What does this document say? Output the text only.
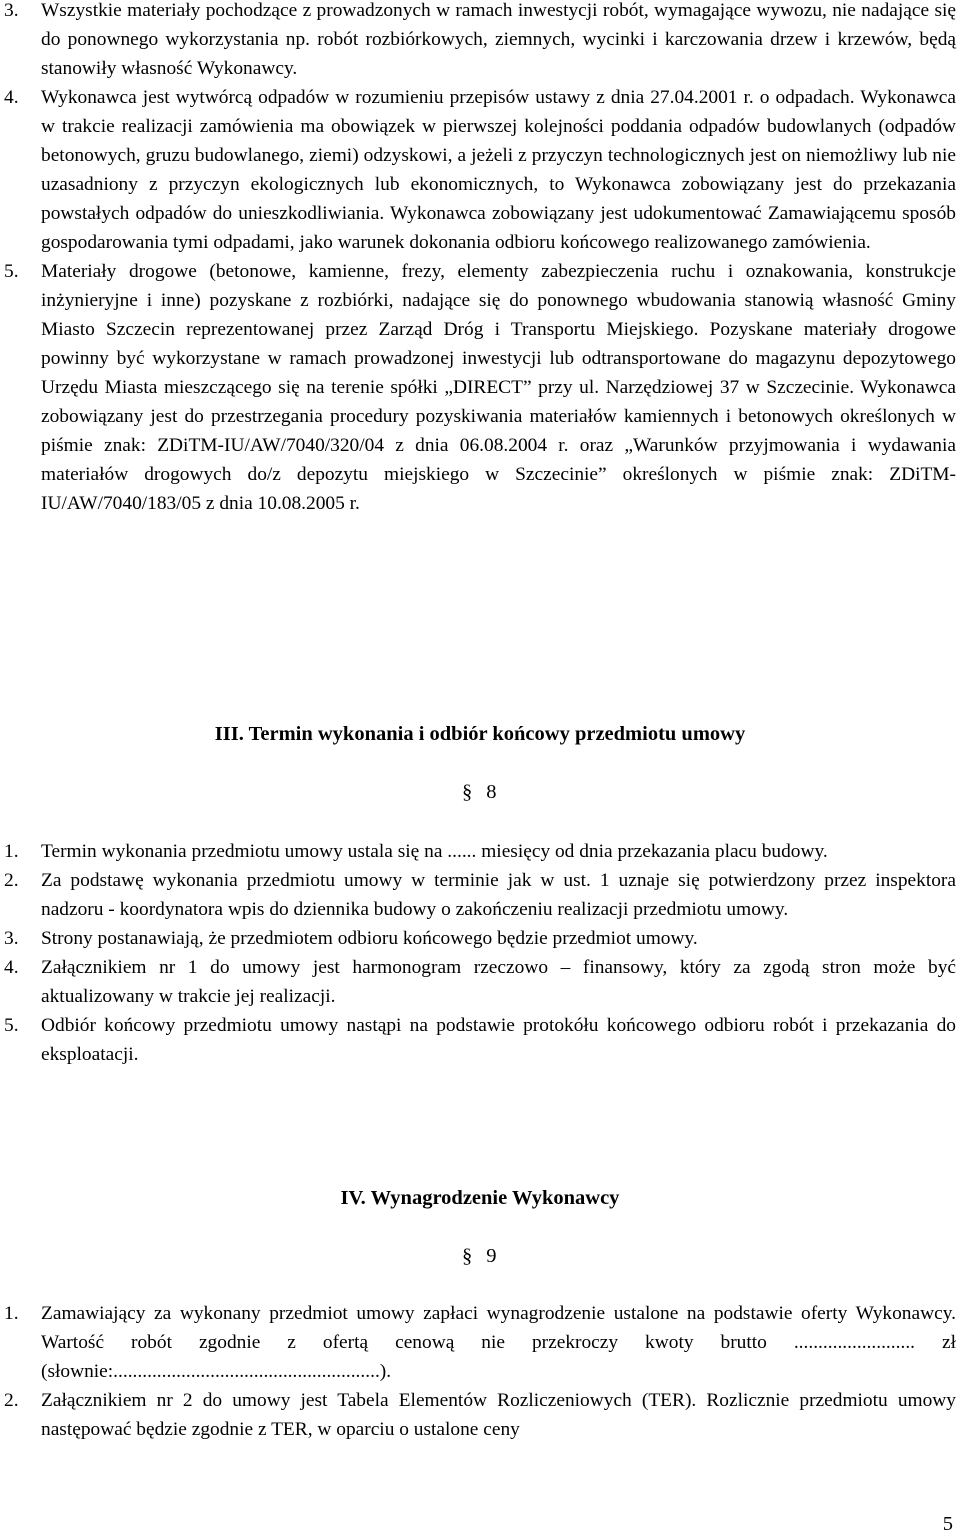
3. Wszystkie materiały pochodzące z prowadzonych w ramach inwestycji robót, wymagające wywozu, nie nadające się do ponownego wykorzystania np. robót rozbiórkowych, ziemnych, wycinki i karczowania drzew i krzewów, będą stanowiły własność Wykonawcy.
4. Wykonawca jest wytwórcą odpadów w rozumieniu przepisów ustawy z dnia 27.04.2001 r. o odpadach. Wykonawca w trakcie realizacji zamówienia ma obowiązek w pierwszej kolejności poddania odpadów budowlanych (odpadów betonowych, gruzu budowlanego, ziemi) odzyskowi, a jeżeli z przyczyn technologicznych jest on niemożliwy lub nie uzasadniony z przyczyn ekologicznych lub ekonomicznych, to Wykonawca zobowiązany jest do przekazania powstałych odpadów do unieszkodliwiania. Wykonawca zobowiązany jest udokumentować Zamawiającemu sposób gospodarowania tymi odpadami, jako warunek dokonania odbioru końcowego realizowanego zamówienia.
5. Materiały drogowe (betonowe, kamienne, frezy, elementy zabezpieczenia ruchu i oznakowania, konstrukcje inżynieryjne i inne) pozyskane z rozbiórki, nadające się do ponownego wbudowania stanowią własność Gminy Miasto Szczecin reprezentowanej przez Zarząd Dróg i Transportu Miejskiego. Pozyskane materiały drogowe powinny być wykorzystane w ramach prowadzonej inwestycji lub odtransportowane do magazynu depozytowego Urzędu Miasta mieszczącego się na terenie spółki „DIRECT” przy ul. Narzędziowej 37 w Szczecinie. Wykonawca zobowiązany jest do przestrzegania procedury pozyskiwania materiałów kamiennych i betonowych określonych w piśmie znak: ZDiTM-IU/AW/7040/320/04 z dnia 06.08.2004 r. oraz „Warunków przyjmowania i wydawania materiałów drogowych do/z depozytu miejskiego w Szczecinie” określonych w piśmie znak: ZDiTM-IU/AW/7040/183/05 z dnia 10.08.2005 r.
III. Termin wykonania i odbiór końcowy przedmiotu umowy
§ 8
1. Termin wykonania przedmiotu umowy ustala się na ...... miesięcy od dnia przekazania placu budowy.
2. Za podstawę wykonania przedmiotu umowy w terminie jak w ust. 1 uznaje się potwierdzony przez inspektora nadzoru - koordynatora wpis do dziennika budowy o zakończeniu realizacji przedmiotu umowy.
3. Strony postanawiają, że przedmiotem odbioru końcowego będzie przedmiot umowy.
4. Załącznikiem nr 1 do umowy jest harmonogram rzeczowo – finansowy, który za zgodą stron może być aktualizowany w trakcie jej realizacji.
5. Odbiór końcowy przedmiotu umowy nastąpi na podstawie protokółu końcowego odbioru robót i przekazania do eksploatacji.
IV. Wynagrodzenie Wykonawcy
§ 9
1. Zamawiający za wykonany przedmiot umowy zapłaci wynagrodzenie ustalone na podstawie oferty Wykonawcy. Wartość robót zgodnie z ofertą cenową nie przekroczy kwoty brutto ......................... zł (słownie:.......................................................).
2. Załącznikiem nr 2 do umowy jest Tabela Elementów Rozliczeniowych (TER). Rozlicznie przedmiotu umowy następować będzie zgodnie z TER, w oparciu o ustalone ceny
5
